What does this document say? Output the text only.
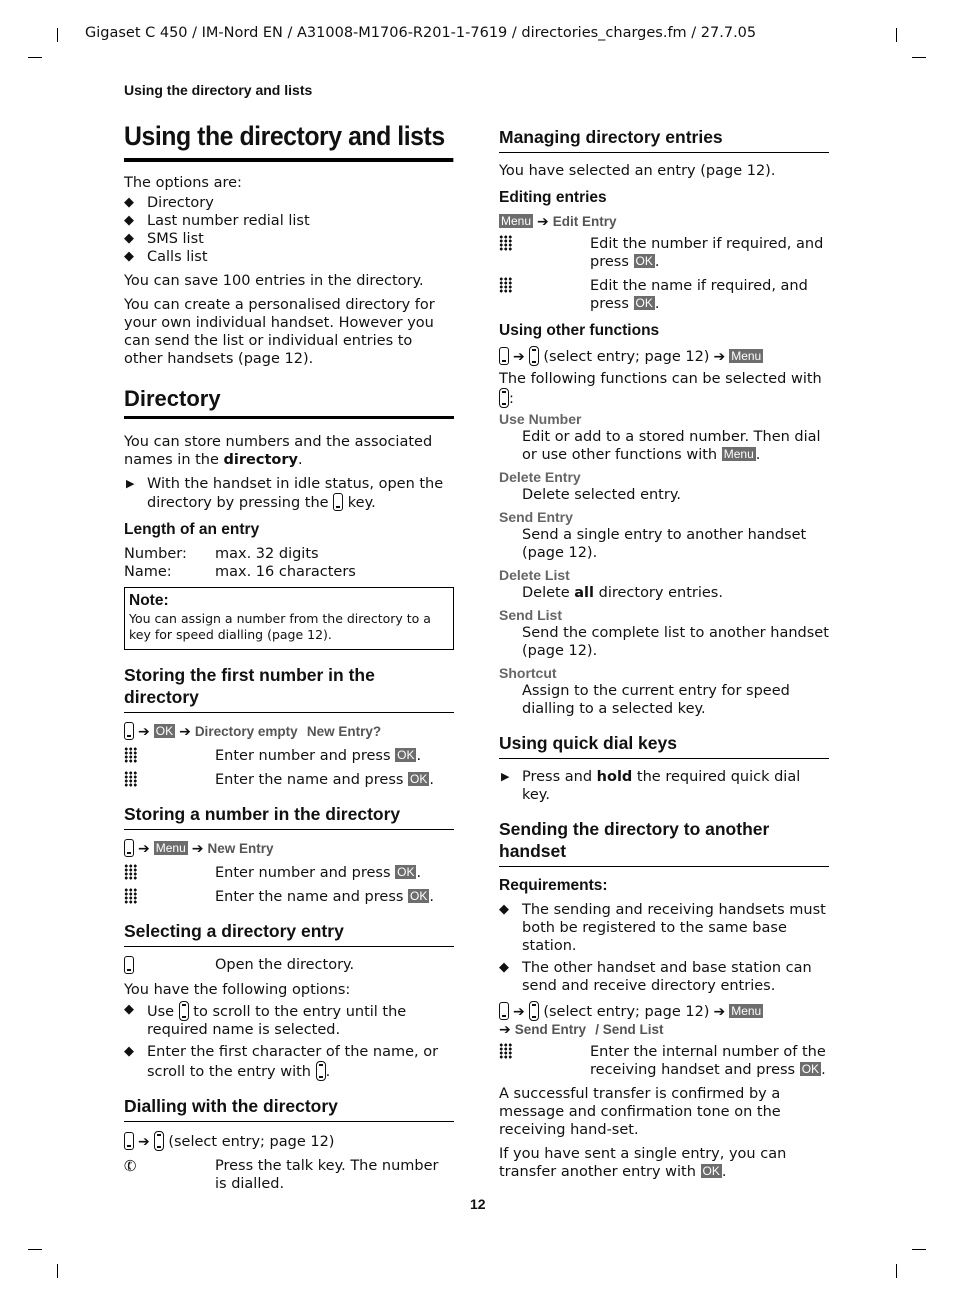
Gigaset C 450 / IM-Nord EN / A31008-M1706-R201-1-7619 / directories_charges.fm / 27.7.05
Using the directory and lists
Using the directory and lists

The options are:

◆ Directory
◆ Last number redial list
◆ SMS list
◆ Calls list

You can save 100 entries in the directory.

You can create a personalised directory for your own individual handset. However you can send the list or individual entries to other handsets (page 12).

Directory

You can store numbers and the associated names in the directory.

▶ With the handset in idle status, open the directory by pressing the  key.
Length of an entry
Number:	max. 32 digits
Name:	max. 16 characters
Note:
You can assign a number from the directory to a key for speed dialling (page 12).
Storing the first number in the directory
➔ OK ➔ Directory empty New Entry?
Enter number and press OK .
Enter the name and press OK .
Storing a number in the directory
➔ Menu ➔ New Entry
Enter number and press OK .
Enter the name and press OK .
Selecting a directory entry
Open the directory.

You have the following options:

◆ Use  to scroll to the entry until the required name is selected.
◆ Enter the first character of the name, or scroll to the entry with .
Dialling with the directory
➔ (select entry; page 12)
✆	Press the talk key. The number is dialled.
Managing directory entries

You have selected an entry (page 12).

Editing entries
Menu ➔ Edit Entry
Edit the number if required, and press OK .
Edit the name if required, and press OK .
Using other functions
➔ (select entry; page 12) ➔ Menu

The following functions can be selected with
:

Use Number
Edit or add to a stored number. Then dial or use other functions with Menu .
Delete Entry
Delete selected entry.
Send Entry
Send a single entry to another handset (page 12).
Delete List
Delete all directory entries.
Send List
Send the complete list to another handset (page 12).
Shortcut
Assign to the current entry for speed dialling to a selected key.
Using quick dial keys
▶ Press and hold the required quick dial key.
Sending the directory to another handset
Requirements:
◆ The sending and receiving handsets must both be registered to the same base station.
◆ The other handset and base station can send and receive directory entries.
➔ (select entry; page 12) ➔ Menu
➔ Send Entry / Send List
Enter the internal number of the receiving handset and press OK .

A successful transfer is confirmed by a message and confirmation tone on the receiving hand-set.

If you have sent a single entry, you can transfer another entry with OK .

12
